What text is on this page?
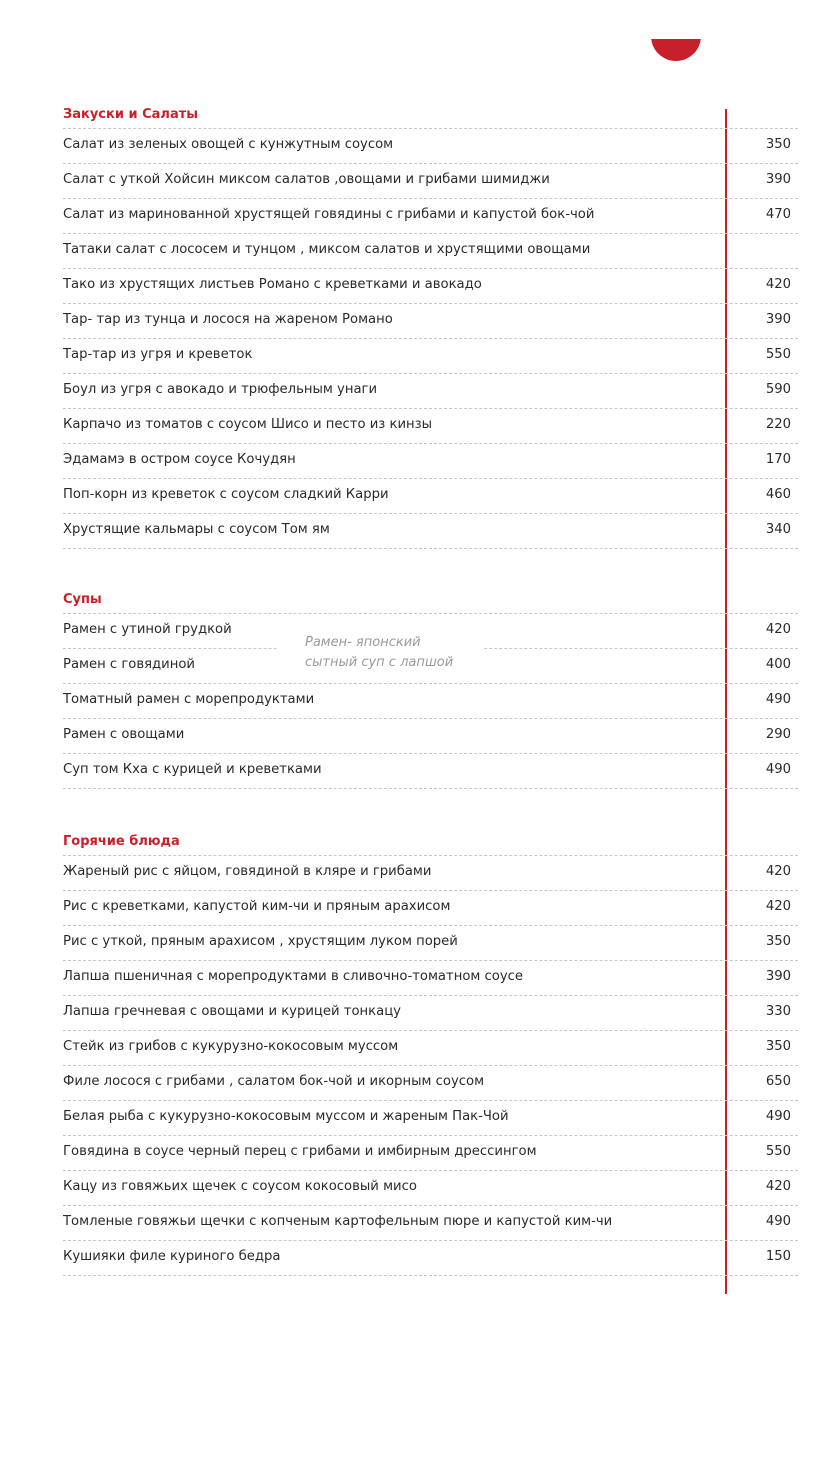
Закуски и Салаты
Салат из зеленых овощей с кунжутным соусом	350
Салат с уткой Хойсин миксом салатов ,овощами и грибами шимиджи	390
Салат из маринованной хрустящей говядины с грибами и капустой бок-чой	470
Татаки салат с лососем и тунцом , миксом салатов и хрустящими овощами
Тако из хрустящих листьев Романо с креветками и авокадо	420
Тар- тар из тунца и лосося на жареном Романо	390
Тар-тар из угря и креветок	550
Боул из угря с авокадо и трюфельным унаги	590
Карпачо из томатов с соусом Шисо и песто из кинзы	220
Эдамамэ в остром соусе Кочудян	170
Поп-корн из креветок с соусом сладкий Карри	460
Хрустящие кальмары с соусом Том ям	340
Супы
Рамен с утиной грудкой	420
Рамен с говядиной	400
Томатный рамен с морепродуктами	490
Рамен с овощами	290
Суп том Кха с курицей и креветками	490
Рамен- японский
сытный суп с лапшой
Горячие блюда
Жареный рис с яйцом, говядиной в кляре и грибами	420
Рис с креветками, капустой ким-чи и пряным арахисом	420
Рис с уткой, пряным арахисом , хрустящим луком порей	350
Лапша пшеничная с морепродуктами в сливочно-томатном соусе	390
Лапша гречневая с овощами и курицей тонкацу	330
Стейк из грибов с кукурузно-кокосовым муссом	350
Филе лосося с грибами , салатом бок-чой и икорным соусом	650
Белая рыба с кукурузно-кокосовым муссом и жареным Пак-Чой	490
Говядина в соусе черный перец с грибами и имбирным дрессингом	550
Кацу из говяжьих щечек с соусом кокосовый мисо	420
Томленые говяжьи щечки с копченым картофельным пюре и капустой ким-чи	490
Кушияки филе куриного бедра	150
